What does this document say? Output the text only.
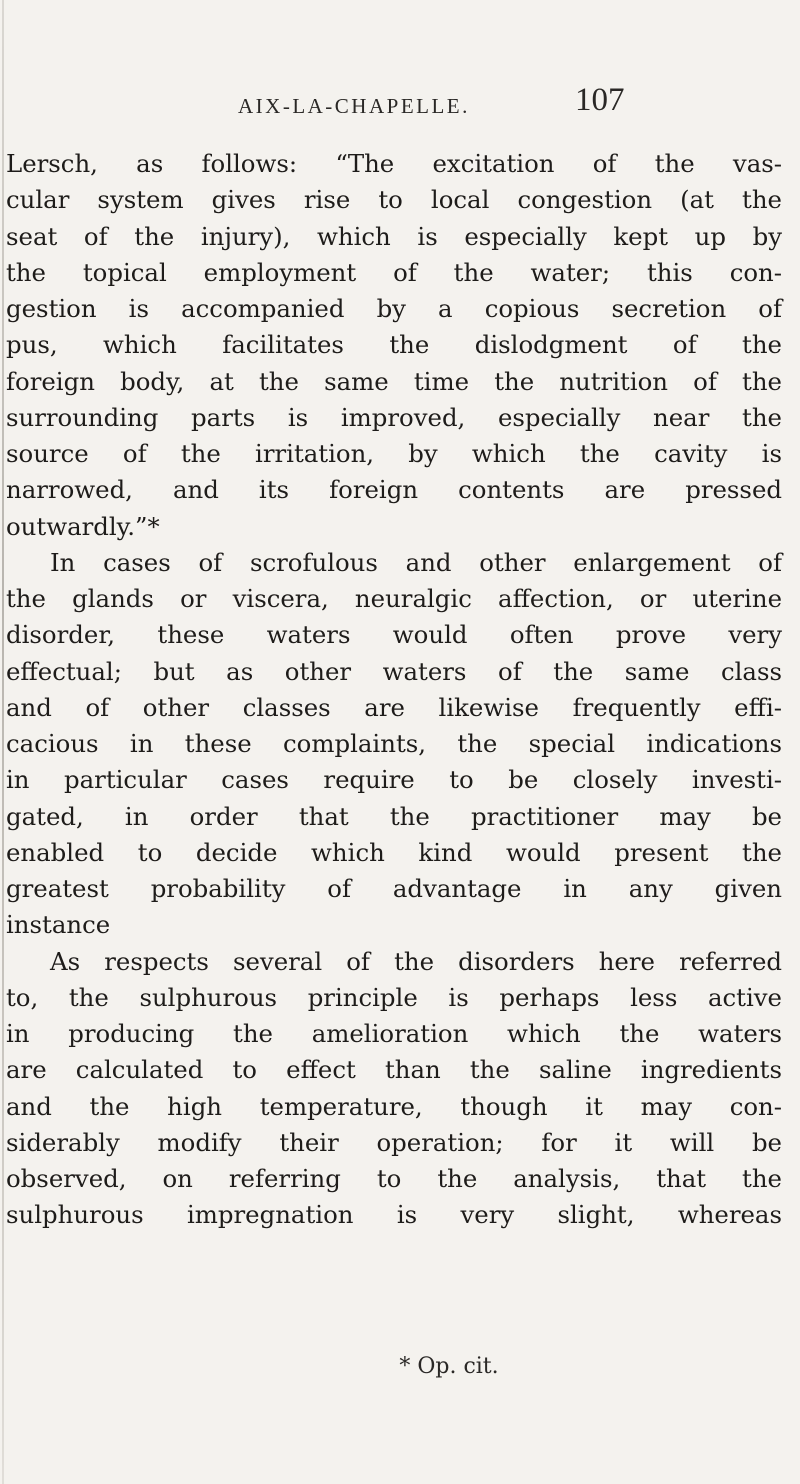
AIX-LA-CHAPELLE.	107
Lersch, as follows: “The excitation of the vas-
cular system gives rise to local congestion (at the
seat of the injury), which is especially kept up by
the topical employment of the water; this con-
gestion is accompanied by a copious secretion of
pus, which facilitates the dislodgment of the
foreign body, at the same time the nutrition of the
surrounding parts is improved, especially near the
source of the irritation, by which the cavity is
narrowed, and its foreign contents are pressed
outwardly.”*
In cases of scrofulous and other enlargement of
the glands or viscera, neuralgic affection, or uterine
disorder, these waters would often prove very
effectual; but as other waters of the same class
and of other classes are likewise frequently effi-
cacious in these complaints, the special indications
in particular cases require to be closely investi-
gated, in order that the practitioner may be
enabled to decide which kind would present the
greatest probability of advantage in any given
instance
As respects several of the disorders here referred
to, the sulphurous principle is perhaps less active
in producing the amelioration which the waters
are calculated to effect than the saline ingredients
and the high temperature, though it may con-
siderably modify their operation; for it will be
observed, on referring to the analysis, that the
sulphurous impregnation is very slight, whereas
* Op. cit.
